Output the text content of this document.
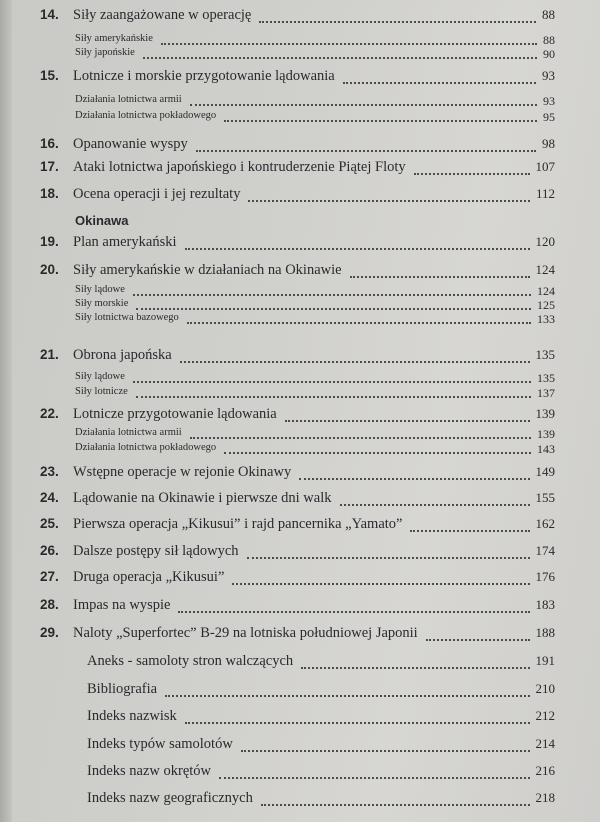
14. Siły zaangażowane w operację	88
Siły amerykańskie	88
Siły japońskie	90
15. Lotnicze i morskie przygotowanie lądowania	93
Działania lotnictwa armii	93
Działania lotnictwa pokładowego	95
16. Opanowanie wyspy	98
17. Ataki lotnictwa japońskiego i kontruderzenie Piątej Floty	107
18. Ocena operacji i jej rezultaty	112
Okinawa
19. Plan amerykański	120
20. Siły amerykańskie w działaniach na Okinawie	124
Siły lądowe	124
Siły morskie	125
Siły lotnictwa bazowego	133
21. Obrona japońska	135
Siły lądowe	135
Siły lotnicze	137
22. Lotnicze przygotowanie lądowania	139
Działania lotnictwa armii	139
Działania lotnictwa pokładowego	143
23. Wstępne operacje w rejonie Okinawy	149
24. Lądowanie na Okinawie i pierwsze dni walk	155
25. Pierwsza operacja „Kikusui” i rajd pancernika „Yamato”	162
26. Dalsze postępy sił lądowych	174
27. Druga operacja „Kikusui”	176
28. Impas na wyspie	183
29. Naloty „Superfortec” B-29 na lotniska południowej Japonii	188
Aneks - samoloty stron walczących	191
Bibliografia	210
Indeks nazwisk	212
Indeks typów samolotów	214
Indeks nazw okrętów	216
Indeks nazw geograficznych	218
